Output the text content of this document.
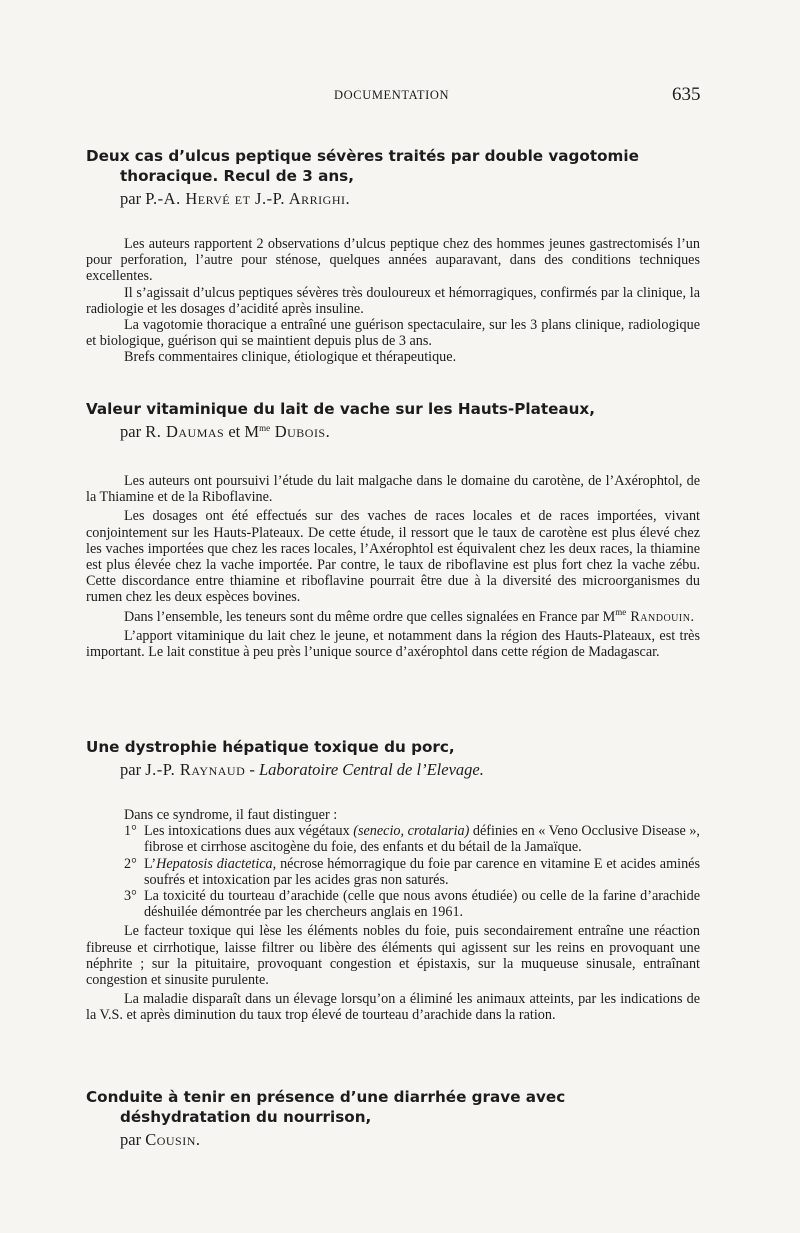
DOCUMENTATION	635
Deux cas d’ulcus peptique sévères traités par double vagotomie thoracique. Recul de 3 ans,
par P.-A. Hervé et J.-P. Arrighi.

Les auteurs rapportent 2 observations d’ulcus peptique chez des hommes jeunes gastrectomisés l’un pour perforation, l’autre pour sténose, quelques années auparavant, dans des conditions techniques excellentes.

Il s’agissait d’ulcus peptiques sévères très douloureux et hémorragiques, confirmés par la clinique, la radiologie et les dosages d’acidité après insuline.

La vagotomie thoracique a entraîné une guérison spectaculaire, sur les 3 plans clinique, radiologique et biologique, guérison qui se maintient depuis plus de 3 ans.

Brefs commentaires clinique, étiologique et thérapeutique.

Valeur vitaminique du lait de vache sur les Hauts-Plateaux,
par R. Daumas et $M^{me}$ Dubois.

Les auteurs ont poursuivi l’étude du lait malgache dans le domaine du carotène, de l’Axérophtol, de la Thiamine et de la Riboflavine.

Les dosages ont été effectués sur des vaches de races locales et de races importées, vivant conjointement sur les Hauts-Plateaux. De cette étude, il ressort que le taux de carotène est plus élevé chez les vaches importées que chez les races locales, l’Axérophtol est équivalent chez les deux races, la thiamine est plus élevée chez la vache importée. Par contre, le taux de riboflavine est plus fort chez la vache zébu. Cette discordance entre thiamine et riboflavine pourrait être due à la diversité des microorganismes du rumen chez les deux espèces bovines.

Dans l’ensemble, les teneurs sont du même ordre que celles signalées en France par $M^{me}$ Randouin.

L’apport vitaminique du lait chez le jeune, et notamment dans la région des Hauts-Plateaux, est très important. Le lait constitue à peu près l’unique source d’axérophtol dans cette région de Madagascar.

Une dystrophie hépatique toxique du porc,
par J.-P. Raynaud - Laboratoire Central de l’Elevage.

Dans ce syndrome, il faut distinguer :

1° Les intoxications dues aux végétaux (senecio, crotalaria) définies en « Veno Occlusive Disease », fibrose et cirrhose ascitogène du foie, des enfants et du bétail de la Jamaïque.
2° L’Hepatosis diactetica, nécrose hémorragique du foie par carence en vitamine E et acides aminés soufrés et intoxication par les acides gras non saturés.
3° La toxicité du tourteau d’arachide (celle que nous avons étudiée) ou celle de la farine d’arachide déshuilée démontrée par les chercheurs anglais en 1961.

Le facteur toxique qui lèse les éléments nobles du foie, puis secondairement entraîne une réaction fibreuse et cirrhotique, laisse filtrer ou libère des éléments qui agissent sur les reins en provoquant une néphrite ; sur la pituitaire, provoquant congestion et épistaxis, sur la muqueuse sinusale, entraînant congestion et sinusite purulente.

La maladie disparaît dans un élevage lorsqu’on a éliminé les animaux atteints, par les indications de la V.S. et après diminution du taux trop élevé de tourteau d’arachide dans la ration.

Conduite à tenir en présence d’une diarrhée grave avec déshydratation du nourrison,
par Cousin.
